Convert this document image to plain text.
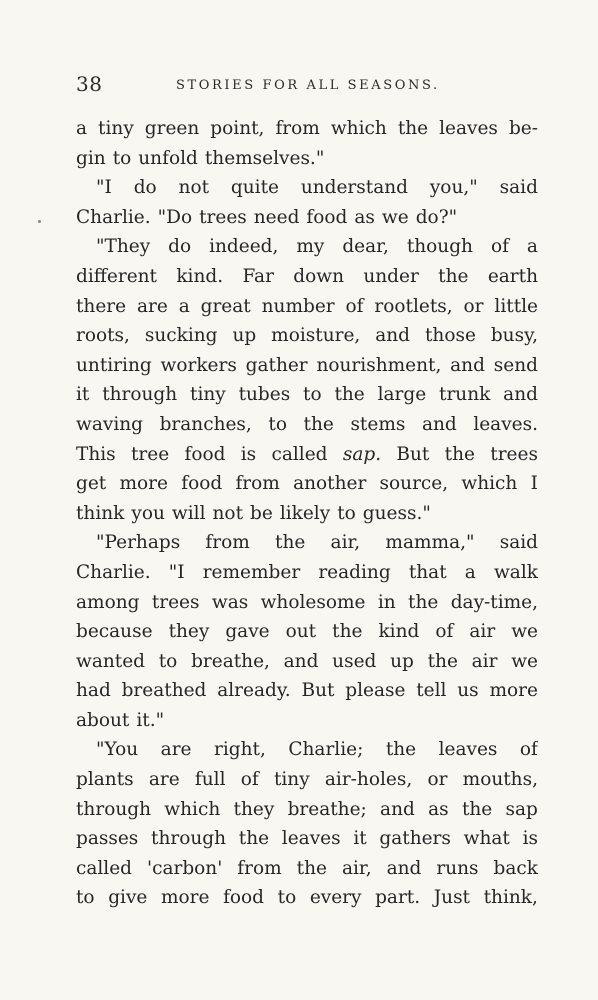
38	STORIES FOR ALL SEASONS.
a tiny green point, from which the leaves be-
gin to unfold themselves."
"I do not quite understand you," said
Charlie. "Do trees need food as we do?"
"They do indeed, my dear, though of a
different kind. Far down under the earth
there are a great number of rootlets, or little
roots, sucking up moisture, and those busy,
untiring workers gather nourishment, and send
it through tiny tubes to the large trunk and
waving branches, to the stems and leaves.
This tree food is called sap. But the trees
get more food from another source, which I
think you will not be likely to guess."
"Perhaps from the air, mamma," said
Charlie. "I remember reading that a walk
among trees was wholesome in the day-time,
because they gave out the kind of air we
wanted to breathe, and used up the air we
had breathed already. But please tell us more
about it."
"You are right, Charlie; the leaves of
plants are full of tiny air-holes, or mouths,
through which they breathe; and as the sap
passes through the leaves it gathers what is
called 'carbon' from the air, and runs back
to give more food to every part. Just think,
